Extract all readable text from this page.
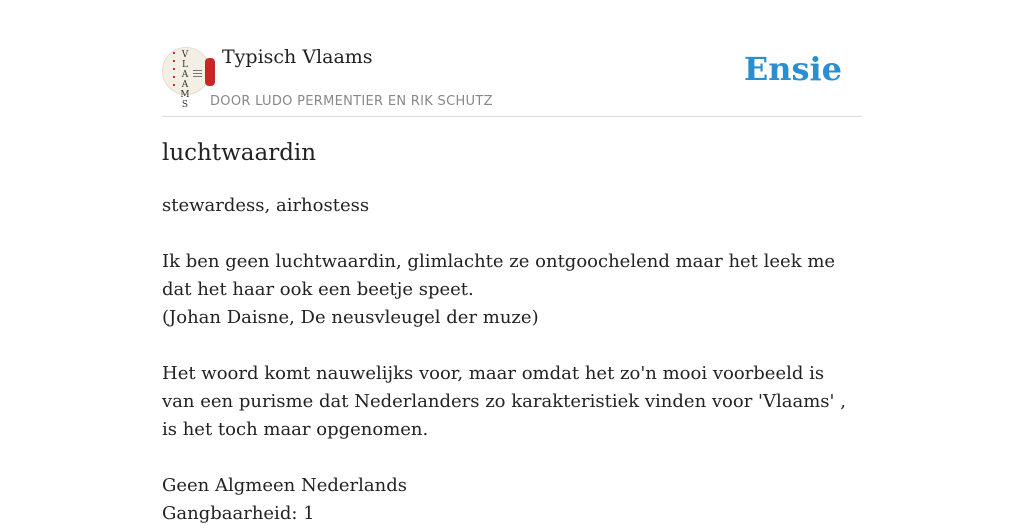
V
L
A
A
M
S
Typisch Vlaams
DOOR LUDO PERMENTIER EN RIK SCHUTZ
Ensie
luchtwaardin

stewardess, airhostess

Ik ben geen luchtwaardin, glimlachte ze ontgoochelend maar het leek me dat het haar ook een beetje speet.

(Johan Daisne, De neusvleugel der muze)

Het woord komt nauwelijks voor, maar omdat het zo'n mooi voorbeeld is van een purisme dat Nederlanders zo karakteristiek vinden voor 'Vlaams' , is het toch maar opgenomen.

Geen Algmeen Nederlands

Gangbaarheid: 1
